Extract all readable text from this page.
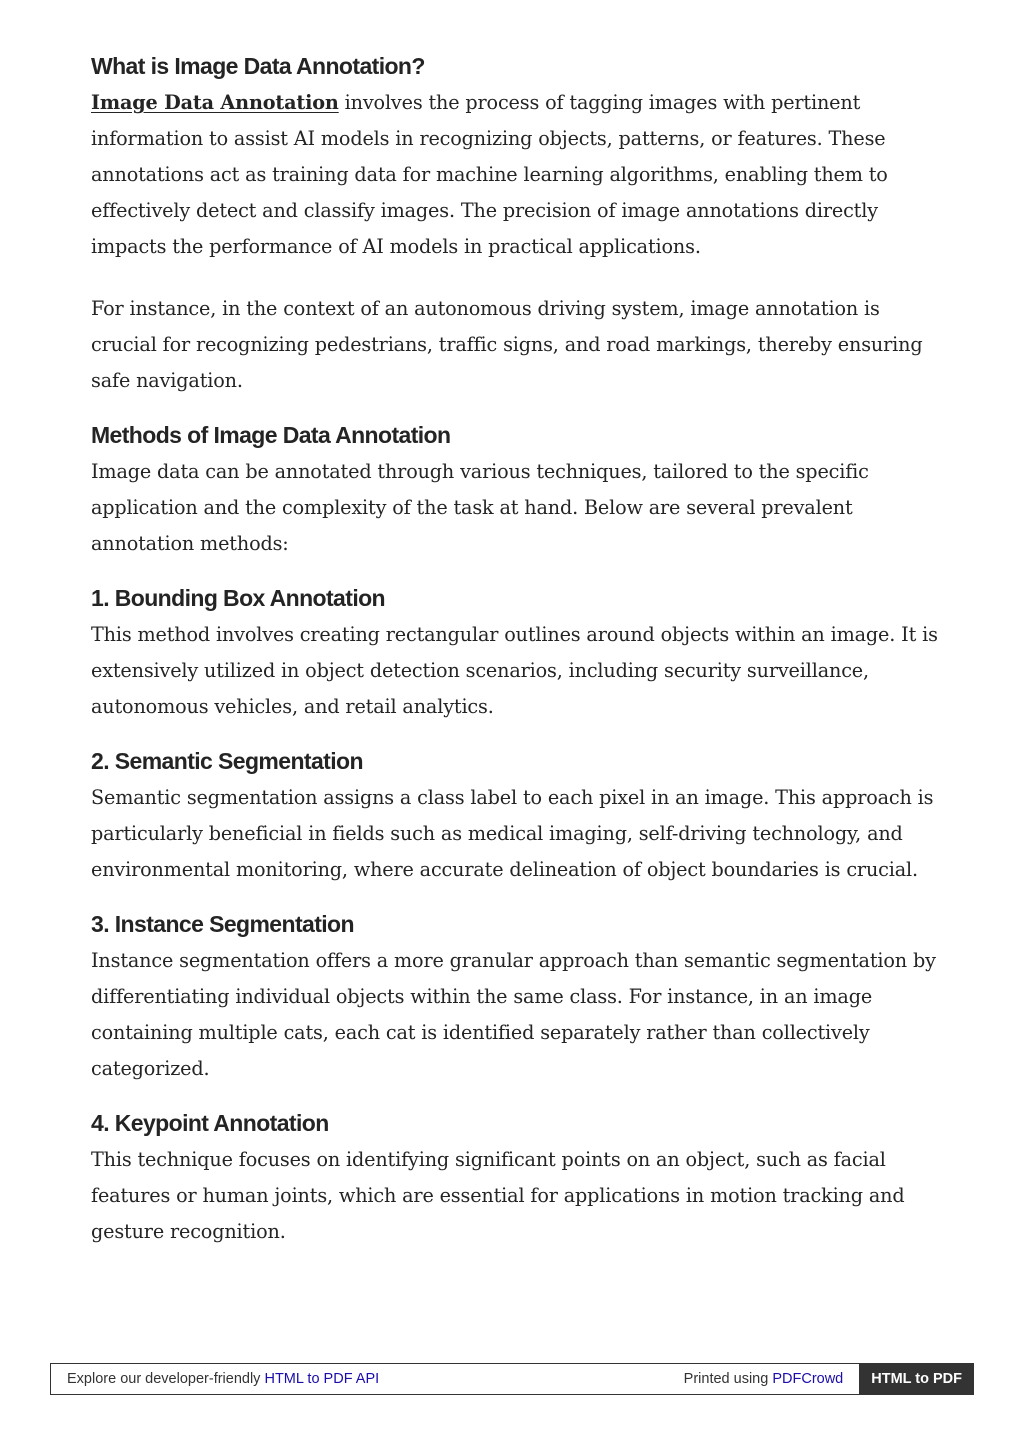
What is Image Data Annotation?

Image Data Annotation involves the process of tagging images with pertinent information to assist AI models in recognizing objects, patterns, or features. These annotations act as training data for machine learning algorithms, enabling them to effectively detect and classify images. The precision of image annotations directly impacts the performance of AI models in practical applications.

For instance, in the context of an autonomous driving system, image annotation is crucial for recognizing pedestrians, traffic signs, and road markings, thereby ensuring safe navigation.

Methods of Image Data Annotation

Image data can be annotated through various techniques, tailored to the specific application and the complexity of the task at hand. Below are several prevalent annotation methods:

1. Bounding Box Annotation

This method involves creating rectangular outlines around objects within an image. It is extensively utilized in object detection scenarios, including security surveillance, autonomous vehicles, and retail analytics.

2. Semantic Segmentation

Semantic segmentation assigns a class label to each pixel in an image. This approach is particularly beneficial in fields such as medical imaging, self-driving technology, and environmental monitoring, where accurate delineation of object boundaries is crucial.

3. Instance Segmentation

Instance segmentation offers a more granular approach than semantic segmentation by differentiating individual objects within the same class. For instance, in an image containing multiple cats, each cat is identified separately rather than collectively categorized.

4. Keypoint Annotation

This technique focuses on identifying significant points on an object, such as facial features or human joints, which are essential for applications in motion tracking and gesture recognition.

Explore our developer-friendly HTML to PDF API	Printed using PDFCrowd	HTML to PDF
